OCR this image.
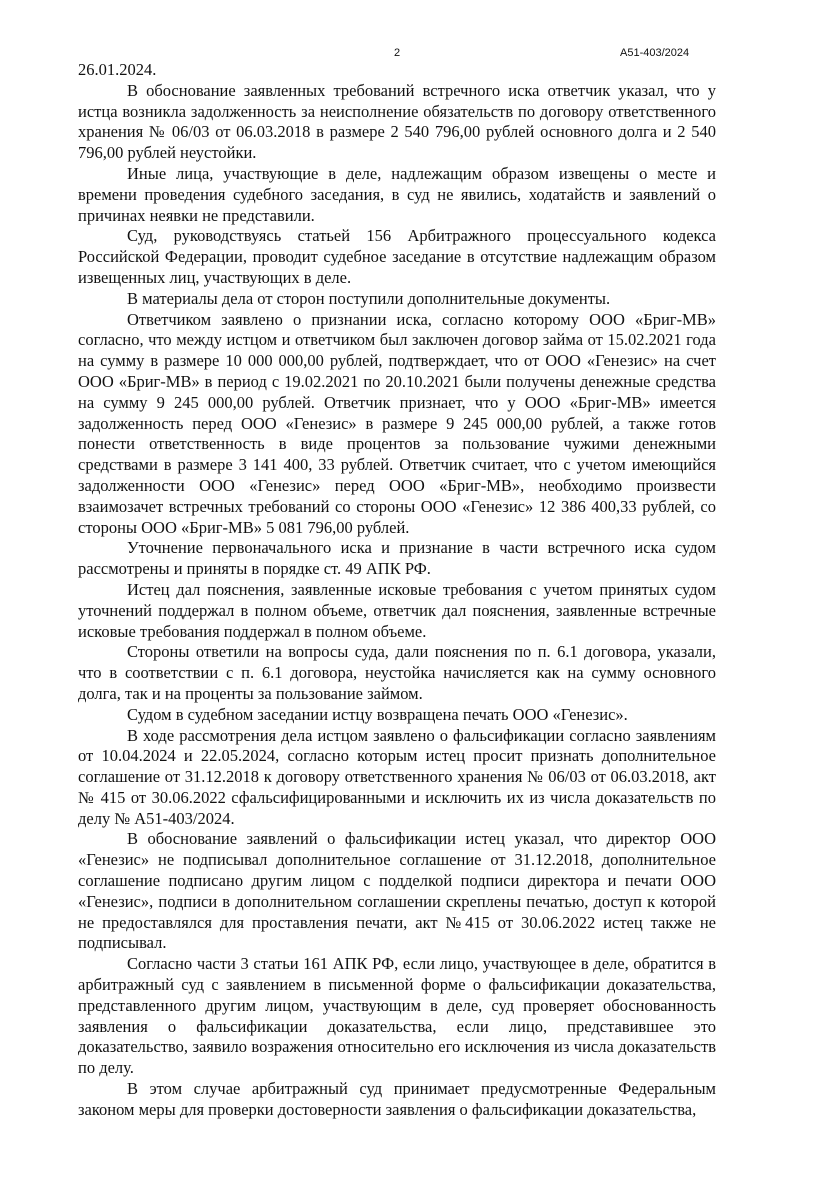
2	А51-403/2024

26.01.2024.

В обоснование заявленных требований встречного иска ответчик указал, что у истца возникла задолженность за неисполнение обязательств по договору ответственного хранения № 06/03 от 06.03.2018 в размере 2 540 796,00 рублей основного долга и 2 540 796,00 рублей неустойки.

Иные лица, участвующие в деле, надлежащим образом извещены о месте и времени проведения судебного заседания, в суд не явились, ходатайств и заявлений о причинах неявки не представили.

Суд, руководствуясь статьей 156 Арбитражного процессуального кодекса Российской Федерации, проводит судебное заседание в отсутствие надлежащим образом извещенных лиц, участвующих в деле.

В материалы дела от сторон поступили дополнительные документы.

Ответчиком заявлено о признании иска, согласно которому ООО «Бриг-МВ» согласно, что между истцом и ответчиком был заключен договор займа от 15.02.2021 года на сумму в размере 10 000 000,00 рублей, подтверждает, что от ООО «Генезис» на счет ООО «Бриг-МВ» в период с 19.02.2021 по 20.10.2021 были получены денежные средства на сумму 9 245 000,00 рублей. Ответчик признает, что у ООО «Бриг-МВ» имеется задолженность перед ООО «Генезис» в размере 9 245 000,00 рублей, а также готов понести ответственность в виде процентов за пользование чужими денежными средствами в размере 3 141 400, 33 рублей. Ответчик считает, что с учетом имеющийся задолженности ООО «Генезис» перед ООО «Бриг-МВ», необходимо произвести взаимозачет встречных требований со стороны ООО «Генезис» 12 386 400,33 рублей, со стороны ООО «Бриг-МВ» 5 081 796,00 рублей.

Уточнение первоначального иска и признание в части встречного иска судом рассмотрены и приняты в порядке ст. 49 АПК РФ.

Истец дал пояснения, заявленные исковые требования с учетом принятых судом уточнений поддержал в полном объеме, ответчик дал пояснения, заявленные встречные исковые требования поддержал в полном объеме.

Стороны ответили на вопросы суда, дали пояснения по п. 6.1 договора, указали, что в соответствии с п. 6.1 договора, неустойка начисляется как на сумму основного долга, так и на проценты за пользование займом.

Судом в судебном заседании истцу возвращена печать ООО «Генезис».

В ходе рассмотрения дела истцом заявлено о фальсификации согласно заявлениям от 10.04.2024 и 22.05.2024, согласно которым истец просит признать дополнительное соглашение от 31.12.2018 к договору ответственного хранения № 06/03 от 06.03.2018, акт № 415 от 30.06.2022 сфальсифицированными и исключить их из числа доказательств по делу № А51-403/2024.

В обоснование заявлений о фальсификации истец указал, что директор ООО «Генезис» не подписывал дополнительное соглашение от 31.12.2018, дополнительное соглашение подписано другим лицом с подделкой подписи директора и печати ООО «Генезис», подписи в дополнительном соглашении скреплены печатью, доступ к которой не предоставлялся для проставления печати, акт №415 от 30.06.2022 истец также не подписывал.

Согласно части 3 статьи 161 АПК РФ, если лицо, участвующее в деле, обратится в арбитражный суд с заявлением в письменной форме о фальсификации доказательства, представленного другим лицом, участвующим в деле, суд проверяет обоснованность заявления о фальсификации доказательства, если лицо, представившее это доказательство, заявило возражения относительно его исключения из числа доказательств по делу.

В этом случае арбитражный суд принимает предусмотренные Федеральным законом меры для проверки достоверности заявления о фальсификации доказательства,
